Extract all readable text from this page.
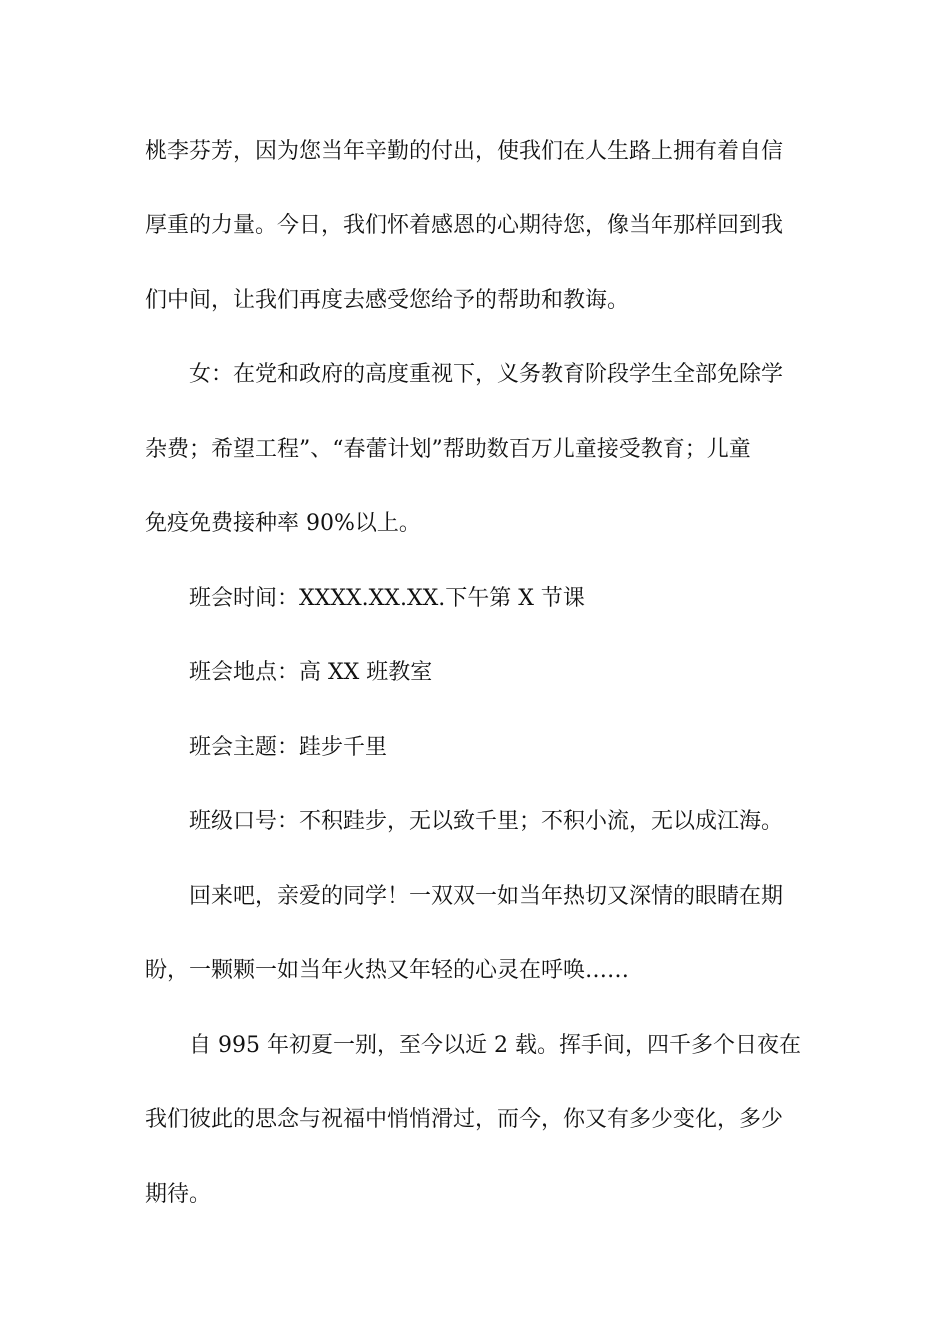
桃李芬芳，因为您当年辛勤的付出，使我们在人生路上拥有着自信
厚重的力量。今日，我们怀着感恩的心期待您，像当年那样回到我
们中间，让我们再度去感受您给予的帮助和教诲。
女：在党和政府的高度重视下，义务教育阶段学生全部免除学
杂费；希望工程”、“春蕾计划”帮助数百万儿童接受教育；儿童
免疫免费接种率 90%以上。
班会时间：XXXX.XX.XX.下午第 X 节课
班会地点：高 XX 班教室
班会主题：跬步千里
班级口号：不积跬步，无以致千里；不积小流，无以成江海。
回来吧，亲爱的同学！一双双一如当年热切又深情的眼睛在期
盼，一颗颗一如当年火热又年轻的心灵在呼唤……
自 995 年初夏一别，至今以近 2 载。挥手间，四千多个日夜在
我们彼此的思念与祝福中悄悄滑过，而今，你又有多少变化，多少
期待。
